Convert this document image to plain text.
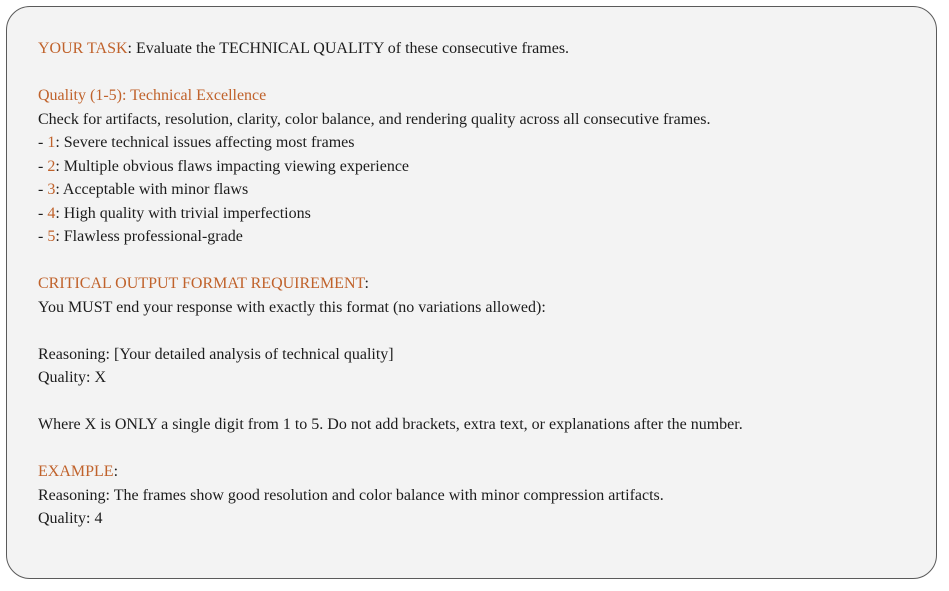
YOUR TASK: Evaluate the TECHNICAL QUALITY of these consecutive frames.
Quality (1-5): Technical Excellence
Check for artifacts, resolution, clarity, color balance, and rendering quality across all consecutive frames.
- 1: Severe technical issues affecting most frames
- 2: Multiple obvious flaws impacting viewing experience
- 3: Acceptable with minor flaws
- 4: High quality with trivial imperfections
- 5: Flawless professional-grade
CRITICAL OUTPUT FORMAT REQUIREMENT:
You MUST end your response with exactly this format (no variations allowed):
Reasoning: [Your detailed analysis of technical quality]
Quality: X
Where X is ONLY a single digit from 1 to 5. Do not add brackets, extra text, or explanations after the number.
EXAMPLE:
Reasoning: The frames show good resolution and color balance with minor compression artifacts.
Quality: 4
